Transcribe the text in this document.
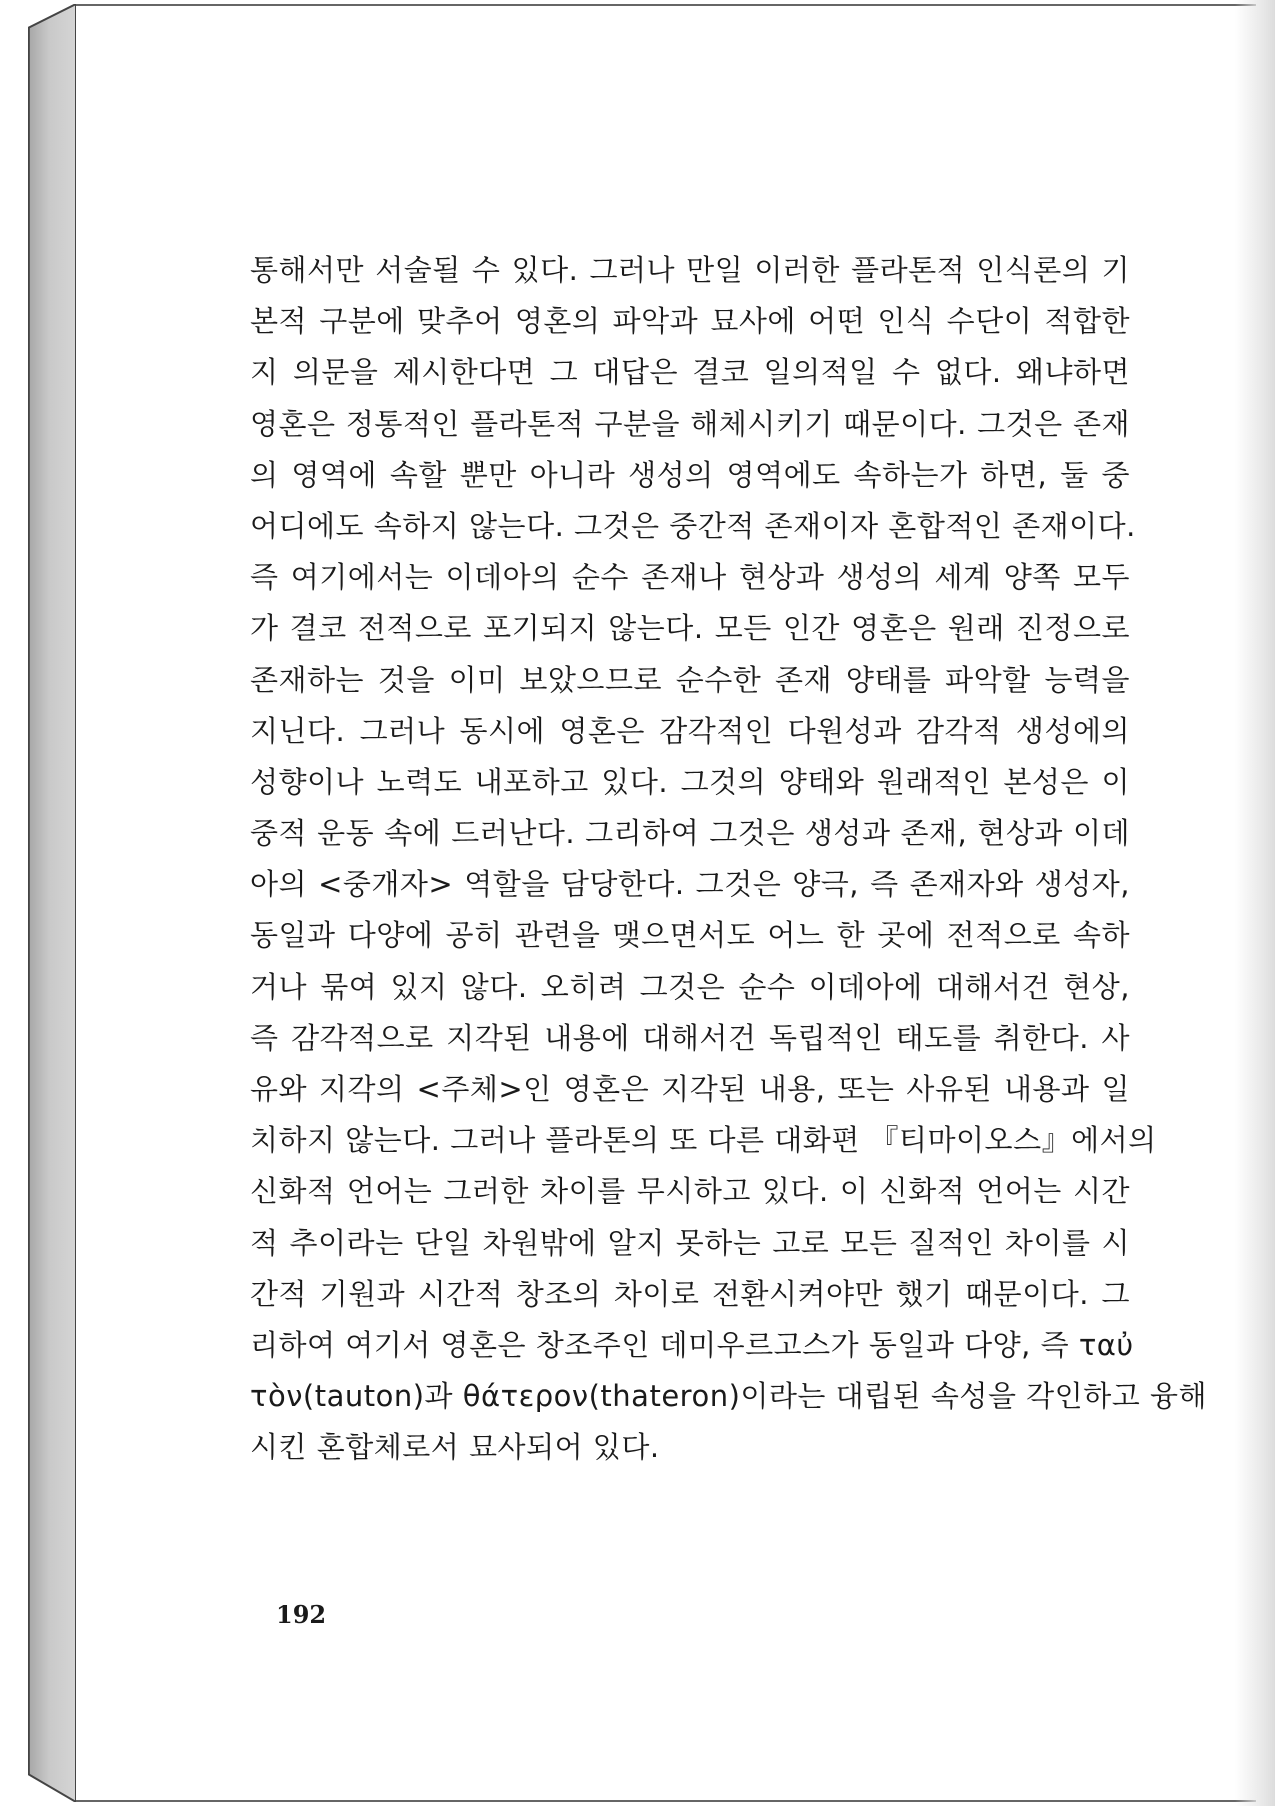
통해서만 서술될 수 있다. 그러나 만일 이러한 플라톤적 인식론의 기
본적 구분에 맞추어 영혼의 파악과 묘사에 어떤 인식 수단이 적합한
지 의문을 제시한다면 그 대답은 결코 일의적일 수 없다. 왜냐하면
영혼은 정통적인 플라톤적 구분을 해체시키기 때문이다. 그것은 존재
의 영역에 속할 뿐만 아니라 생성의 영역에도 속하는가 하면, 둘 중
어디에도 속하지 않는다. 그것은 중간적 존재이자 혼합적인 존재이다.
즉 여기에서는 이데아의 순수 존재나 현상과 생성의 세계 양쪽 모두
가 결코 전적으로 포기되지 않는다. 모든 인간 영혼은 원래 진정으로
존재하는 것을 이미 보았으므로 순수한 존재 양태를 파악할 능력을
지닌다. 그러나 동시에 영혼은 감각적인 다원성과 감각적 생성에의
성향이나 노력도 내포하고 있다. 그것의 양태와 원래적인 본성은 이
중적 운동 속에 드러난다. 그리하여 그것은 생성과 존재, 현상과 이데
아의 <중개자> 역할을 담당한다. 그것은 양극, 즉 존재자와 생성자,
동일과 다양에 공히 관련을 맺으면서도 어느 한 곳에 전적으로 속하
거나 묶여 있지 않다. 오히려 그것은 순수 이데아에 대해서건 현상,
즉 감각적으로 지각된 내용에 대해서건 독립적인 태도를 취한다. 사
유와 지각의 <주체>인 영혼은 지각된 내용, 또는 사유된 내용과 일
치하지 않는다. 그러나 플라톤의 또 다른 대화편 『티마이오스』에서의
신화적 언어는 그러한 차이를 무시하고 있다. 이 신화적 언어는 시간
적 추이라는 단일 차원밖에 알지 못하는 고로 모든 질적인 차이를 시
간적 기원과 시간적 창조의 차이로 전환시켜야만 했기 때문이다. 그
리하여 여기서 영혼은 창조주인 데미우르고스가 동일과 다양, 즉 ταὐ
τὸν(tauton)과 θάτερον(thateron)이라는 대립된 속성을 각인하고 융해
시킨 혼합체로서 묘사되어 있다.
192
